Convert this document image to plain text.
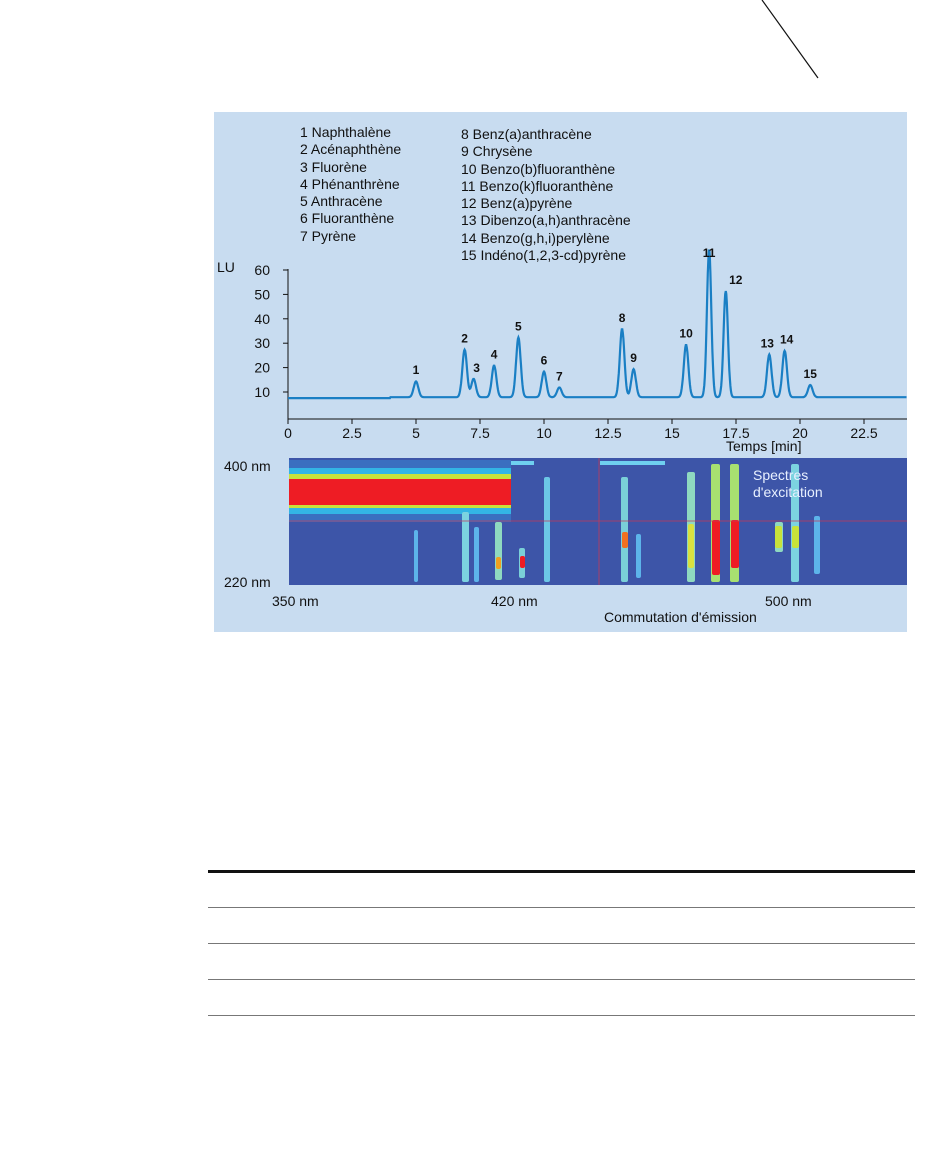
10
20
30
40
50
60
0	2.5	5	7.5	10	12.5	15	17.5	20	22.5
LU
Temps [min]
1
2
3
4
5
6
7
8
9
10
11
12
13 14
15
400 nm
220 nm
350 nm	420 nm	500 nm
Commutation d'émission
Spectres
d'excitation
1 Naphthalène
2 Acénaphthène
3 Fluorène
4 Phénanthrène
5 Anthracène
6 Fluoranthène
7 Pyrène
8 Benz(a)anthracène
9 Chrysène
10 Benzo(b)fluoranthène
11 Benzo(k)fluoranthène
12 Benz(a)pyrène
13 Dibenzo(a,h)anthracène
14 Benzo(g,h,i)perylène
15 Indéno(1,2,3-cd)pyrène
